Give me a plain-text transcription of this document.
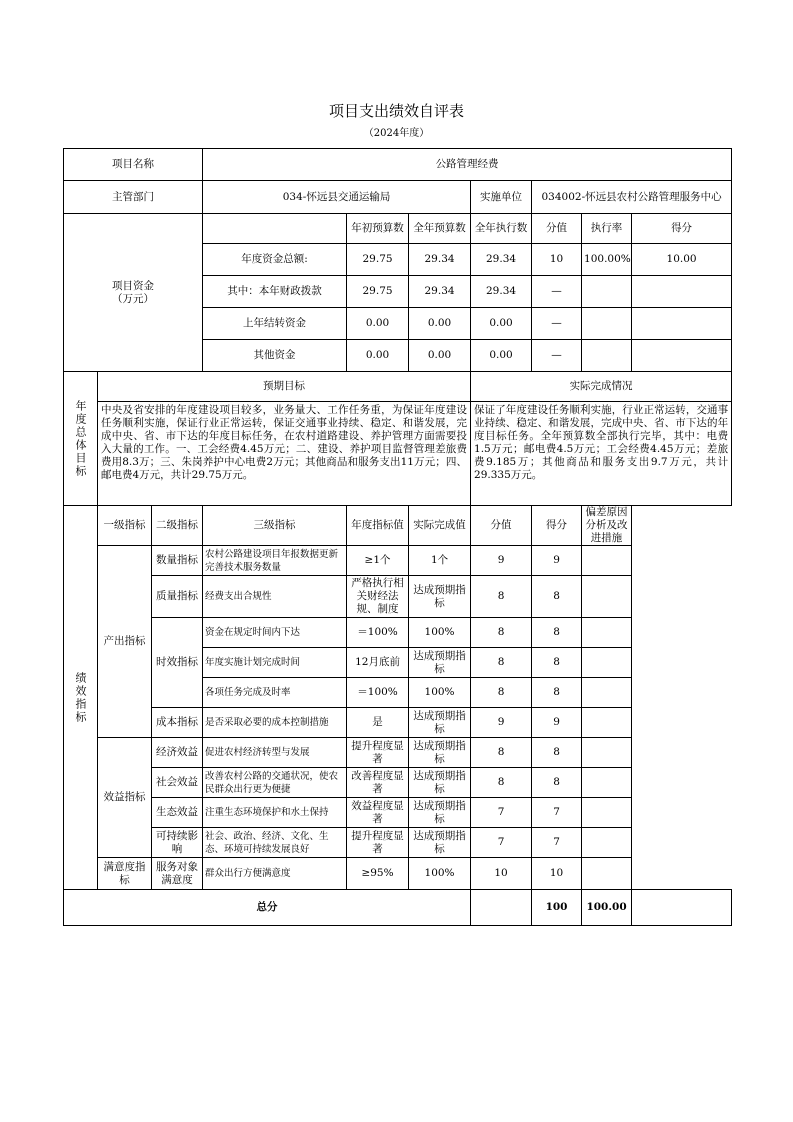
项目支出绩效自评表
（2024年度）
项目名称			公路管理经费						
主管部门			034-怀远县交通运输局			实施单位	034002-怀远县农村公路管理服务中心		
项目资金
（万元）				年初预算数	全年预算数	全年执行数	分值	执行率	得分
			年度资金总额:	29.75	29.34	29.34	10	100.00%	10.00
			其中：本年财政拨款	29.75	29.34	29.34	—		
			上年结转资金	0.00	0.00	0.00	—		
			其他资金	0.00	0.00	0.00	—		
年度总体目标	预期目标					实际完成情况			
	中央及省安排的年度建设项目较多，业务量大、工作任务重，为保证年度建设任务顺利实施，保证行业正常运转，保证交通事业持续、稳定、和谐发展，完成中央、省、市下达的年度目标任务，在农村道路建设、养护管理方面需要投入大量的工作。一、工会经费4.45万元；二、建设、养护项目监督管理差旅费费用8.3万；三、朱岗养护中心电费2万元；其他商品和服务支出11万元；四、邮电费4万元，共计29.75万元。					保证了年度建设任务顺利实施，行业正常运转，交通事业持续、稳定、和谐发展，完成中央、省、市下达的年度目标任务。全年预算数全部执行完毕，其中：电费1.5万元；邮电费4.5万元；工会经费4.45万元；差旅费9.185万；其他商品和服务支出9.7万元，共计29.335万元。			
绩效指标	一级指标	二级指标	三级指标	年度指标值	实际完成值	分值	得分	偏差原因分析及改进措施	
	产出指标	数量指标	农村公路建设项目年报数据更新完善技术服务数量	≥1个	1个	9	9		
		质量指标	经费支出合规性	严格执行相关财经法规、制度	达成预期指标	8	8		
		时效指标	资金在规定时间内下达	＝100%	100%	8	8		
			年度实施计划完成时间	12月底前	达成预期指标	8	8		
			各项任务完成及时率	＝100%	100%	8	8		
		成本指标	是否采取必要的成本控制措施	是	达成预期指标	9	9		
	效益指标	经济效益	促进农村经济转型与发展	提升程度显著	达成预期指标	8	8		
		社会效益	改善农村公路的交通状况，使农民群众出行更为便捷	改善程度显著	达成预期指标	8	8		
		生态效益	注重生态环境保护和水土保持	效益程度显著	达成预期指标	7	7		
		可持续影响	社会、政治、经济、文化、生态、环境可持续发展良好	提升程度显著	达成预期指标	7	7		
	满意度指标	服务对象满意度	群众出行方便满意度	≥95%	100%	10	10		
总分							100	100.00	
